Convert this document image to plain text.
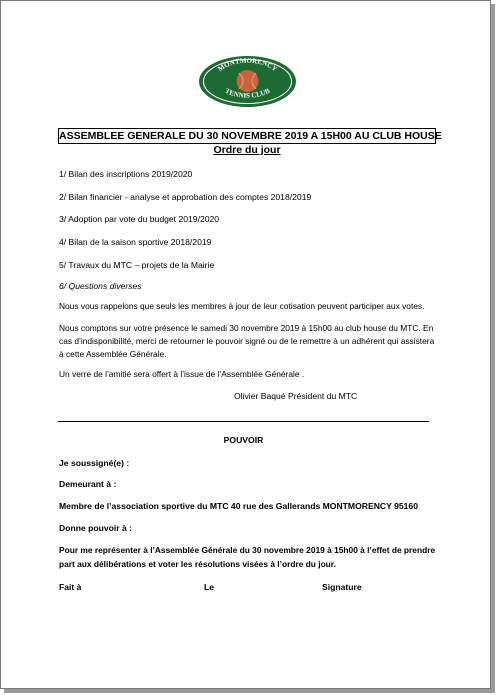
MONTMORENCY
TENNIS CLUB
ASSEMBLEE GENERALE DU 30 NOVEMBRE 2019 A 15H00 AU CLUB HOUSE
Ordre du jour
1/ Bilan des inscriptions 2019/2020
2/ Bilan financier - analyse et approbation des comptes 2018/2019
3/ Adoption par vote du budget 2019/2020
4/ Bilan de la saison sportive 2018/2019
5/ Travaux du MTC – projets de la Mairie
6/ Questions diverses
Nous vous rappelons que seuls les membres à jour de leur cotisation peuvent participer aux votes.
Nous comptons sur votre présence le samedi 30 novembre 2019 à 15h00 au club house du MTC. En cas d’indisponibilité, merci de retourner le pouvoir signé ou de le remettre à un adhérent qui assistera à cette Assemblée Générale.
Un verre de l’amitié sera offert à l’issue de l’Assemblée Générale .
Olivier Baqué Président du MTC
POUVOIR
Je soussigné(e) :
Demeurant à :
Membre de l’association sportive du MTC 40 rue des Gallerands MONTMORENCY 95160
Donne pouvoir à :
Pour me représenter à l’Assemblée Générale du 30 novembre 2019 à 15h00 à l’effet de prendre part aux délibérations et voter les résolutions visées à l’ordre du jour.
Fait à	Le	Signature
